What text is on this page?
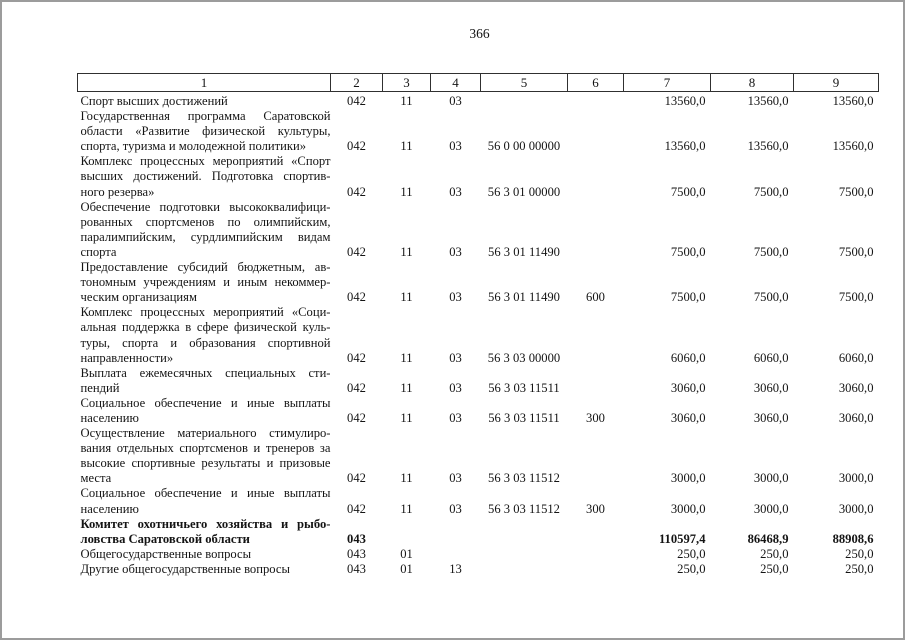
366
1	2	3	4	5	6	7	8	9

Спорт высших достижений	042	11	03			13560,0	13560,0	13560,0

Государственная программа Саратовской
области «Развитие физической культуры,
спорта, туризма и молодежной политики»	042	11	03	56 0 00 00000		13560,0	13560,0	13560,0

Комплекс процессных мероприятий «Спорт
высших достижений. Подготовка спортив-
ного резерва»	042	11	03	56 3 01 00000		7500,0	7500,0	7500,0

Обеспечение подготовки высококвалифици-
рованных спортсменов по олимпийским,
паралимпийским, сурдлимпийским видам
спорта	042	11	03	56 3 01 11490		7500,0	7500,0	7500,0

Предоставление субсидий бюджетным, ав-
тономным учреждениям и иным некоммер-
ческим организациям	042	11	03	56 3 01 11490	600	7500,0	7500,0	7500,0

Комплекс процессных мероприятий «Соци-
альная поддержка в сфере физической куль-
туры, спорта и образования спортивной
направленности»	042	11	03	56 3 03 00000		6060,0	6060,0	6060,0

Выплата ежемесячных специальных сти-
пендий	042	11	03	56 3 03 11511		3060,0	3060,0	3060,0

Социальное обеспечение и иные выплаты
населению	042	11	03	56 3 03 11511	300	3060,0	3060,0	3060,0

Осуществление материального стимулиро-
вания отдельных спортсменов и тренеров за
высокие спортивные результаты и призовые
места	042	11	03	56 3 03 11512		3000,0	3000,0	3000,0

Социальное обеспечение и иные выплаты
населению	042	11	03	56 3 03 11512	300	3000,0	3000,0	3000,0

Комитет охотничьего хозяйства и рыбо-
ловства Саратовской области	043					110597,4	86468,9	88908,6

Общегосударственные вопросы	043	01				250,0	250,0	250,0

Другие общегосударственные вопросы	043	01	13			250,0	250,0	250,0
